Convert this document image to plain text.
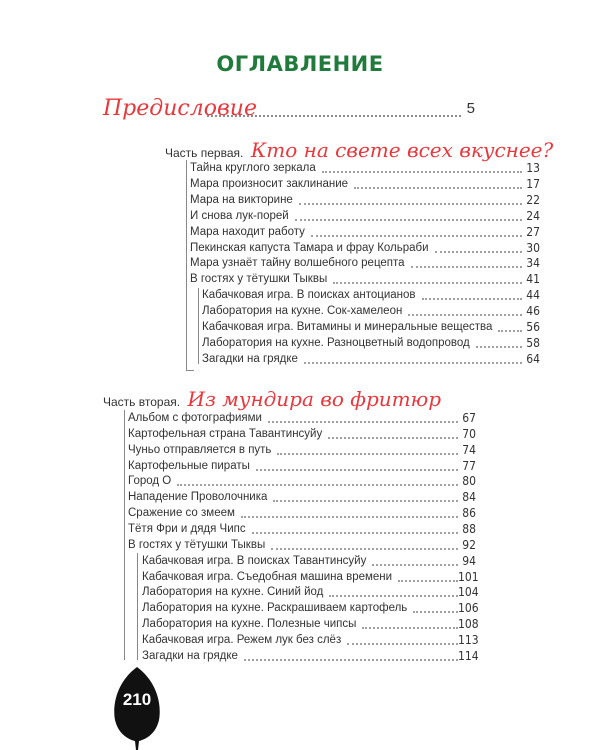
ОГЛАВЛЕНИЕ
Предисловие	5
Часть первая. Кто на свете всех вкуснее?
Тайна круглого зеркала	13
Мара произносит заклинание	17
Мара на викторине	22
И снова лук-порей	24
Мара находит работу	27
Пекинская капуста Тамара и фрау Кольраби	30
Мара узнаёт тайну волшебного рецепта	34
В гостях у тётушки Тыквы	41
Кабачковая игра. В поисках антоцианов	44
Лаборатория на кухне. Сок-хамелеон	46
Кабачковая игра. Витамины и минеральные вещества	56
Лаборатория на кухне. Разноцветный водопровод	58
Загадки на грядке	64
Часть вторая. Из мундира во фритюр
Альбом с фотографиями	67
Картофельная страна Тавантинсуйу	70
Чуньо отправляется в путь	74
Картофельные пираты	77
Город О	80
Нападение Проволочника	84
Сражение со змеем	86
Тётя Фри и дядя Чипс	88
В гостях у тётушки Тыквы	92
Кабачковая игра. В поисках Тавантинсуйу	94
Кабачковая игра. Съедобная машина времени	101
Лаборатория на кухне. Синий йод	104
Лаборатория на кухне. Раскрашиваем картофель	106
Лаборатория на кухне. Полезные чипсы	108
Кабачковая игра. Режем лук без слёз	113
Загадки на грядке	114
210
